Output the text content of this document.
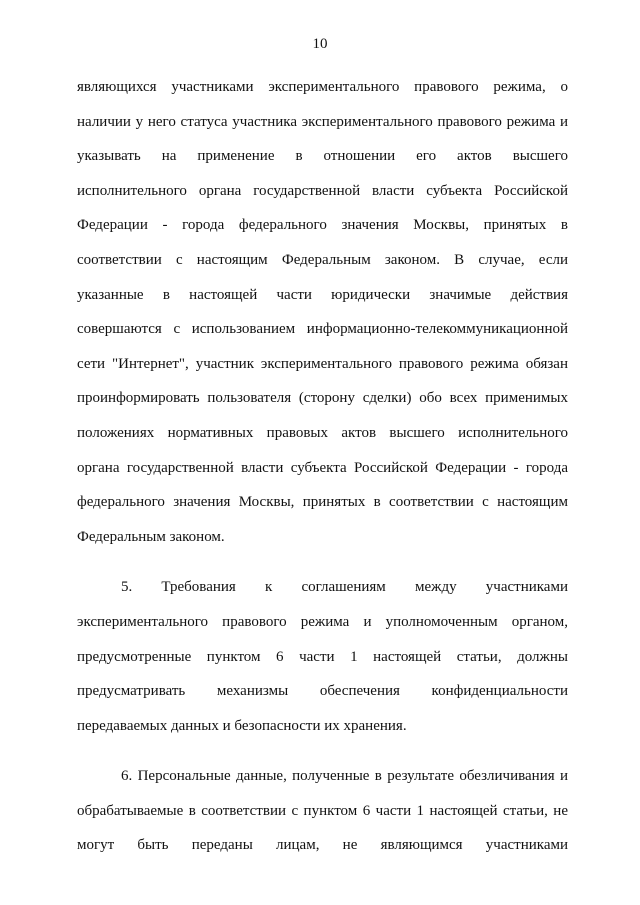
10
являющихся участниками экспериментального правового режима, о
наличии у него статуса участника экспериментального правового режима и
указывать на применение в отношении его актов высшего
исполнительного органа государственной власти субъекта Российской
Федерации - города федерального значения Москвы, принятых в
соответствии с настоящим Федеральным законом. В случае, если
указанные в настоящей части юридически значимые действия
совершаются с использованием информационно-телекоммуникационной
сети "Интернет", участник экспериментального правового режима обязан
проинформировать пользователя (сторону сделки) обо всех применимых
положениях нормативных правовых актов высшего исполнительного
органа государственной власти субъекта Российской Федерации - города
федерального значения Москвы, принятых в соответствии с настоящим
Федеральным законом.
5. Требования к соглашениям между участниками
экспериментального правового режима и уполномоченным органом,
предусмотренные пунктом 6 части 1 настоящей статьи, должны
предусматривать механизмы обеспечения конфиденциальности
передаваемых данных и безопасности их хранения.
6. Персональные данные, полученные в результате обезличивания и
обрабатываемые в соответствии с пунктом 6 части 1 настоящей статьи, не
могут быть переданы лицам, не являющимся участниками
